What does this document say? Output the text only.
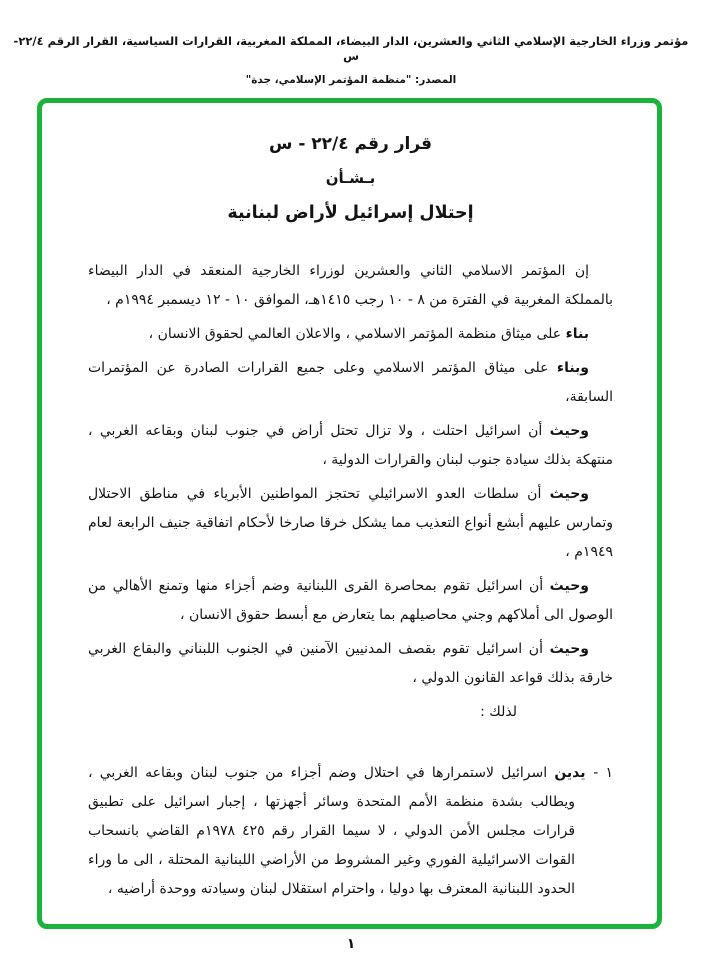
مؤتمر وزراء الخارجية الإسلامي الثاني والعشرين، الدار البيضاء، المملكة المغربية، القرارات السياسية، القرار الرقم ٢٢/٤-س
المصدر: "منظمة المؤتمر الإسلامي، جدة"
قرار رقم ٢٢/٤ - س
بـشـأن
إحتلال إسرائيل لأراض لبنانية

إن المؤتمر الاسلامي الثاني والعشرين لوزراء الخارجية المنعقد في الدار البيضاء بالمملكة المغربية في الفترة من ٨ - ١٠ رجب ١٤١٥هـ، الموافق ١٠ - ١٢ ديسمبر ١٩٩٤م ،

بناء على ميثاق منظمة المؤتمر الاسلامي ، والاعلان العالمي لحقوق الانسان ،

وبناء على ميثاق المؤتمر الاسلامي وعلى جميع القرارات الصادرة عن المؤتمرات السابقة،

وحيث أن اسرائيل احتلت ، ولا تزال تحتل أراض في جنوب لبنان وبقاعه الغربي ، منتهكة بذلك سيادة جنوب لبنان والقرارات الدولية ،

وحيث أن سلطات العدو الاسرائيلي تحتجز المواطنين الأبرياء في مناطق الاحتلال وتمارس عليهم أبشع أنواع التعذيب مما يشكل خرقا صارخا لأحكام اتفاقية جنيف الرابعة لعام ١٩٤٩م ،

وحيث أن اسرائيل تقوم بمحاصرة القرى اللبنانية وضم أجزاء منها وتمنع الأهالي من الوصول الى أملاكهم وجني محاصيلهم بما يتعارض مع أبسط حقوق الانسان ،

وحيث أن اسرائيل تقوم بقصف المدنيين الآمنين في الجنوب اللبناني والبقاع الغربي خارقة بذلك قواعد القانون الدولي ،

لذلك :

١ - يدين اسرائيل لاستمرارها في احتلال وضم أجزاء من جنوب لبنان وبقاعه الغربي ، ويطالب بشدة منظمة الأمم المتحدة وسائر أجهزتها ، إجبار اسرائيل على تطبيق قرارات مجلس الأمن الدولي ، لا سيما القرار رقم ٤٢٥ ١٩٧٨م القاضي بانسحاب القوات الاسرائيلية الفوري وغير المشروط من الأراضي اللبنانية المحتلة ، الى ما وراء الحدود اللبنانية المعترف بها دوليا ، واحترام استقلال لبنان وسيادته ووحدة أراضيه ،

١
